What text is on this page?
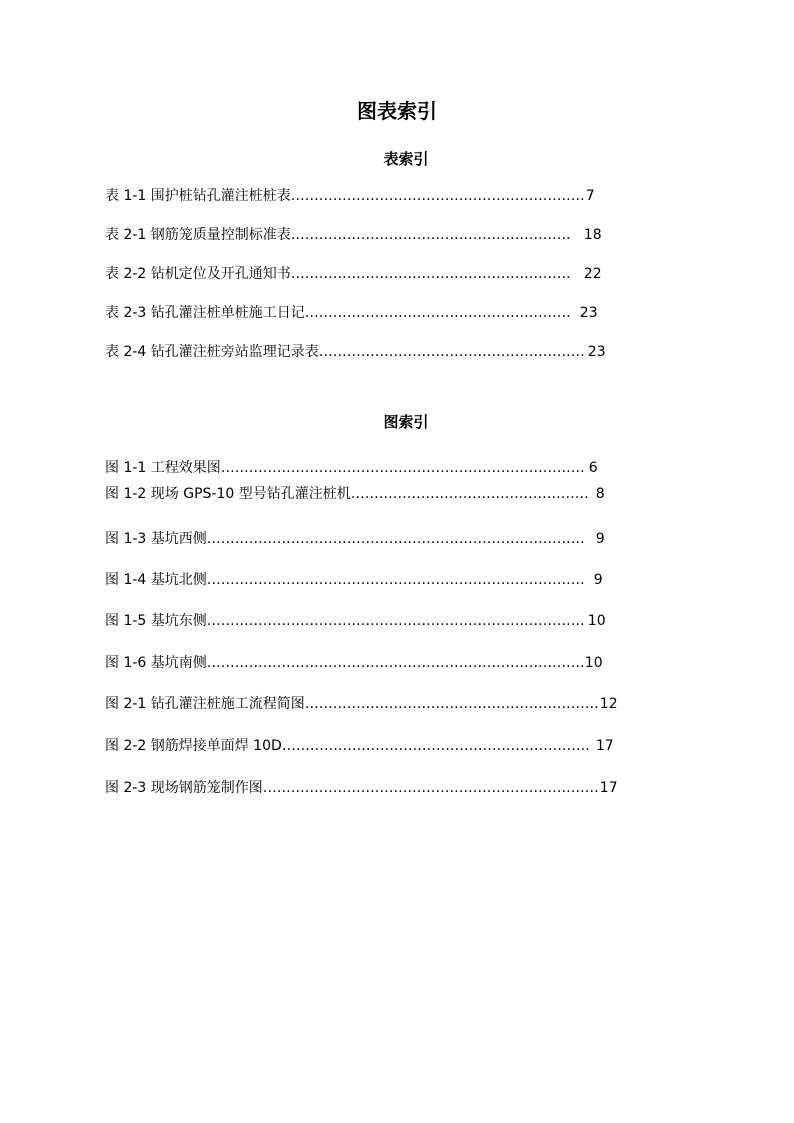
图表索引
表索引
表 1-1 围护桩钻孔灌注桩桩表………………………………………………………7
表 2-1 钢筋笼质量控制标准表…………………………………………………… 18
表 2-2 钻机定位及开孔通知书…………………………………………………… 22
表 2-3 钻孔灌注桩单桩施工日记………………………………………………… 23
表 2-4 钻孔灌注桩旁站监理记录表………………………………………………… 23
图索引
图 1-1 工程效果图…………………………………………………………………… 6
图 1-2 现场 GPS-10 型号钻孔灌注桩机…………………………………………… 8
图 1-3 基坑西侧……………………………………………………………………… 9
图 1-4 基坑北侧………………………………………………………………………9
图 1-5 基坑东侧……………………………………………………………………… 10
图 1-6 基坑南侧………………………………………………………………………10
图 2-1 钻孔灌注桩施工流程简图………………………………………………………12
图 2-2 钢筋焊接单面焊 10D………………………………………………………… 17
图 2-3 现场钢筋笼制作图………………………………………………………………17
